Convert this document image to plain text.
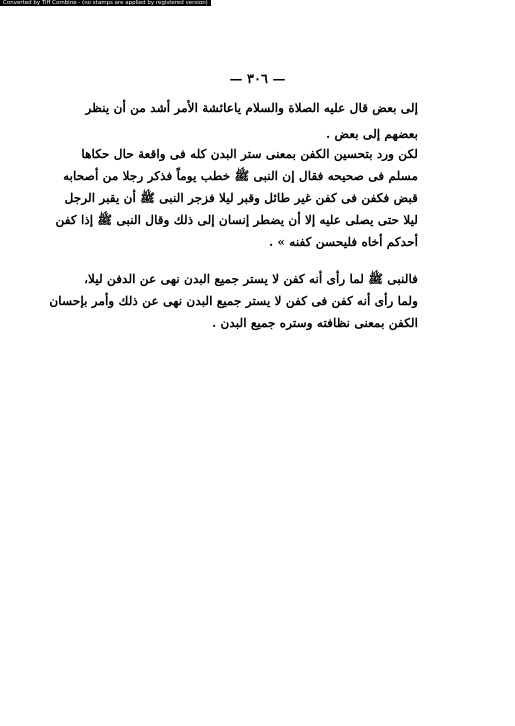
Converted by Tiff Combine - (no stamps are applied by registered version)
— ٣٠٦ —
إلى بعض قال عليه الصلاة والسلام ياعائشة الأمر أشد من أن ينظر
بعضهم إلى بعض .
لكن ورد بتحسين الكفن بمعنى ستر البدن كله فى واقعة حال حكاها
مسلم فى صحيحه فقال إن النبى ﷺ خطب يوماً فذكر رجلا من أصحابه
قبض فكفن فى كفن غير طائل وقبر ليلا فزجر النبى ﷺ أن يقبر الرجل
ليلا حتى يصلى عليه إلا أن يضطر إنسان إلى ذلك وقال النبى ﷺ إذا كفن
أحدكم أخاه فليحسن كفنه » .
فالنبى ﷺ لما رأى أنه كفن لا يستر جميع البدن نهى عن الدفن ليلا،
ولما رأى أنه كفن فى كفن لا يستر جميع البدن نهى عن ذلك وأمر بإحسان
الكفن بمعنى نظافته وستره جميع البدن .
